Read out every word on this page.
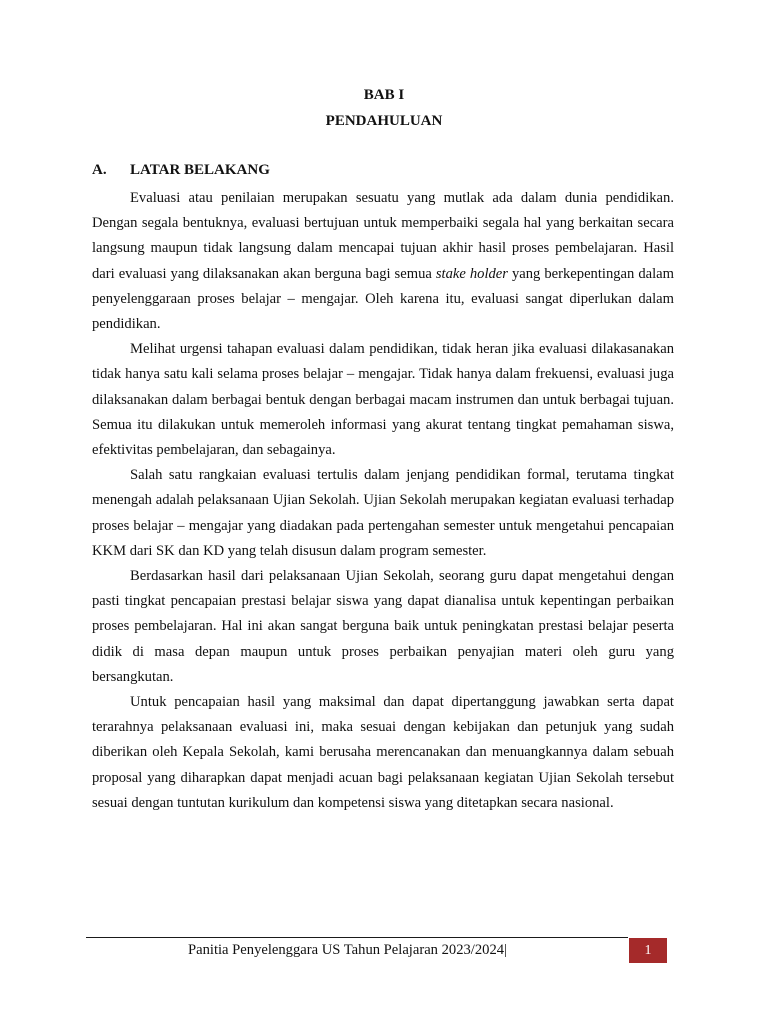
BAB I
PENDAHULUAN
A. LATAR BELAKANG

Evaluasi atau penilaian merupakan sesuatu yang mutlak ada dalam dunia pendidikan. Dengan segala bentuknya, evaluasi bertujuan untuk memperbaiki segala hal yang berkaitan secara langsung maupun tidak langsung dalam mencapai tujuan akhir hasil proses pembelajaran. Hasil dari evaluasi yang dilaksanakan akan berguna bagi semua stake holder yang berkepentingan dalam penyelenggaraan proses belajar – mengajar. Oleh karena itu, evaluasi sangat diperlukan dalam pendidikan.

Melihat urgensi tahapan evaluasi dalam pendidikan, tidak heran jika evaluasi dilakasanakan tidak hanya satu kali selama proses belajar – mengajar. Tidak hanya dalam frekuensi, evaluasi juga dilaksanakan dalam berbagai bentuk dengan berbagai macam instrumen dan untuk berbagai tujuan. Semua itu dilakukan untuk memeroleh informasi yang akurat tentang tingkat pemahaman siswa, efektivitas pembelajaran, dan sebagainya.

Salah satu rangkaian evaluasi tertulis dalam jenjang pendidikan formal, terutama tingkat menengah adalah pelaksanaan Ujian Sekolah. Ujian Sekolah merupakan kegiatan evaluasi terhadap proses belajar – mengajar yang diadakan pada pertengahan semester untuk mengetahui pencapaian KKM dari SK dan KD yang telah disusun dalam program semester.

Berdasarkan hasil dari pelaksanaan Ujian Sekolah, seorang guru dapat mengetahui dengan pasti tingkat pencapaian prestasi belajar siswa yang dapat dianalisa untuk kepentingan perbaikan proses pembelajaran. Hal ini akan sangat berguna baik untuk peningkatan prestasi belajar peserta didik di masa depan maupun untuk proses perbaikan penyajian materi oleh guru yang bersangkutan.

Untuk pencapaian hasil yang maksimal dan dapat dipertanggung jawabkan serta dapat terarahnya pelaksanaan evaluasi ini, maka sesuai dengan kebijakan dan petunjuk yang sudah diberikan oleh Kepala Sekolah, kami berusaha merencanakan dan menuangkannya dalam sebuah proposal yang diharapkan dapat menjadi acuan bagi pelaksanaan kegiatan Ujian Sekolah tersebut sesuai dengan tuntutan kurikulum dan kompetensi siswa yang ditetapkan secara nasional.

Panitia Penyelenggara US Tahun Pelajaran 2023/2024|	1
